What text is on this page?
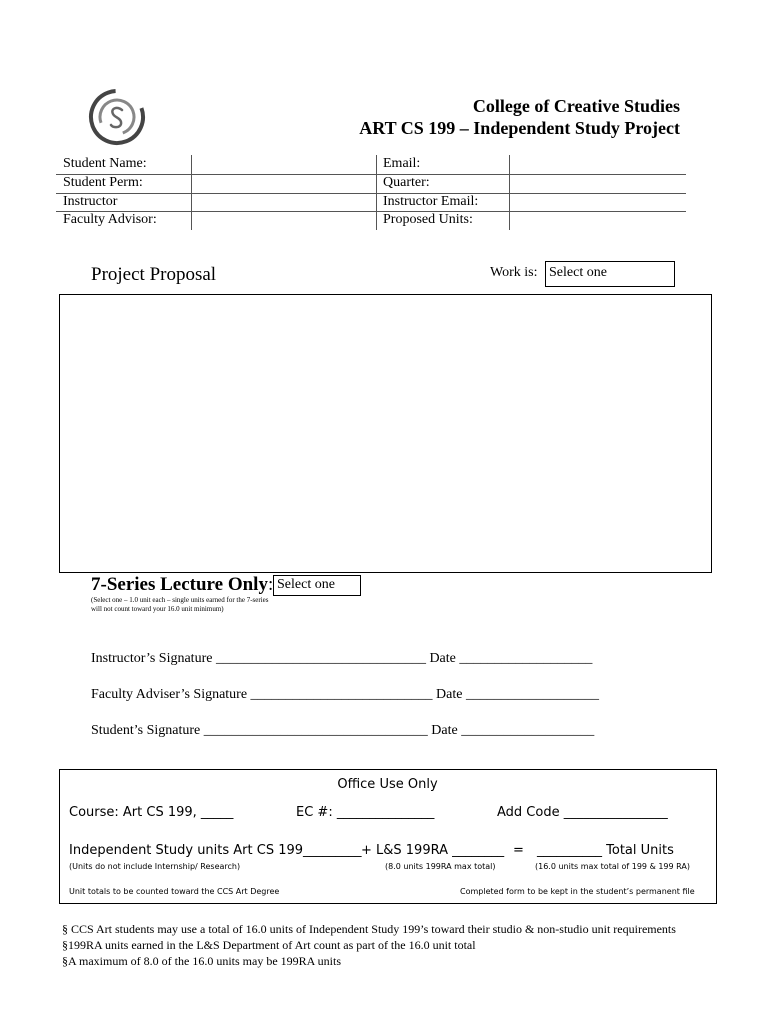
College of Creative Studies
ART CS 199 – Independent Study Project
Student Name:	Email:
Student Perm:	Quarter:
Instructor	Instructor Email:
Faculty Advisor:	Proposed Units:
Project Proposal	Work is: Select one
7-Series Lecture Only: Select one
(Select one – 1.0 unit each – single units earned for the 7-series
will not count toward your 16.0 unit minimum)
Instructor’s Signature ______________________________ Date ___________________
Faculty Adviser’s Signature __________________________ Date ___________________
Student’s Signature ________________________________ Date ___________________
Office Use Only
Course: Art CS 199, _____	EC #: _______________	Add Code ________________
Independent Study units Art CS 199_________ + L&S 199RA ________ = __________ Total Units
(Units do not include Internship/ Research)	(8.0 units 199RA max total)	(16.0 units max total of 199 & 199 RA)
Unit totals to be counted toward the CCS Art Degree	Completed form to be kept in the student’s permanent file
§ CCS Art students may use a total of 16.0 units of Independent Study 199’s toward their studio & non-studio unit requirements
§199RA units earned in the L&S Department of Art count as part of the 16.0 unit total
§A maximum of 8.0 of the 16.0 units may be 199RA units
